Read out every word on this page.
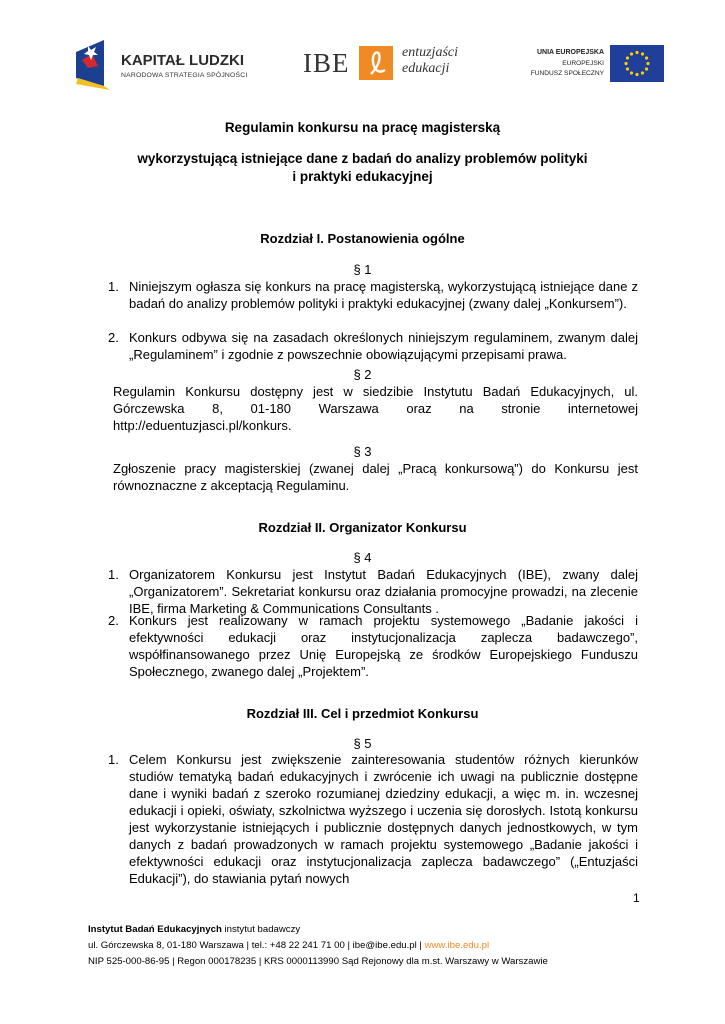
KAPITAŁ LUDZKI
NARODOWA STRATEGIA SPÓJNOŚCI IBE	entuzjaści
edukacji
UNIA EUROPEJSKA
EUROPEJSKI
FUNDUSZ SPOŁECZNY
Regulamin konkursu na pracę magisterską
wykorzystującą istniejące dane z badań do analizy problemów polityki
i praktyki edukacyjnej
Rozdział I. Postanowienia ogólne
§ 1
1. Niniejszym ogłasza się konkurs na pracę magisterską, wykorzystującą istniejące dane z badań do analizy problemów polityki i praktyki edukacyjnej (zwany dalej „Konkursem”).
2. Konkurs odbywa się na zasadach określonych niniejszym regulaminem, zwanym dalej „Regulaminem” i zgodnie z powszechnie obowiązującymi przepisami prawa.
§ 2
Regulamin Konkursu dostępny jest w siedzibie Instytutu Badań Edukacyjnych, ul. Górczewska 8, 01-180 Warszawa oraz na stronie internetowej http://eduentuzjasci.pl/konkurs.
§ 3
Zgłoszenie pracy magisterskiej (zwanej dalej „Pracą konkursową”) do Konkursu jest równoznaczne z akceptacją Regulaminu.
Rozdział II. Organizator Konkursu
§ 4
1. Organizatorem Konkursu jest Instytut Badań Edukacyjnych (IBE), zwany dalej „Organizatorem”. Sekretariat konkursu oraz działania promocyjne prowadzi, na zlecenie IBE, firma Marketing & Communications Consultants .
2. Konkurs jest realizowany w ramach projektu systemowego „Badanie jakości i efektywności edukacji oraz instytucjonalizacja zaplecza badawczego”, współfinansowanego przez Unię Europejską ze środków Europejskiego Funduszu Społecznego, zwanego dalej „Projektem”.
Rozdział III. Cel i przedmiot Konkursu
§ 5
1. Celem Konkursu jest zwiększenie zainteresowania studentów różnych kierunków studiów tematyką badań edukacyjnych i zwrócenie ich uwagi na publicznie dostępne dane i wyniki badań z szeroko rozumianej dziedziny edukacji, a więc m. in. wczesnej edukacji i opieki, oświaty, szkolnictwa wyższego i uczenia się dorosłych. Istotą konkursu jest wykorzystanie istniejących i publicznie dostępnych danych jednostkowych, w tym danych z badań prowadzonych w ramach projektu systemowego „Badanie jakości i efektywności edukacji oraz instytucjonalizacja zaplecza badawczego” („Entuzjaści Edukacji”), do stawiania pytań nowych
1
Instytut Badań Edukacyjnych instytut badawczy
ul. Górczewska 8, 01-180 Warszawa | tel.: +48 22 241 71 00 | ibe@ibe.edu.pl | www.ibe.edu.pl
NIP 525-000-86-95 | Regon 000178235 | KRS 0000113990 Sąd Rejonowy dla m.st. Warszawy w Warszawie
